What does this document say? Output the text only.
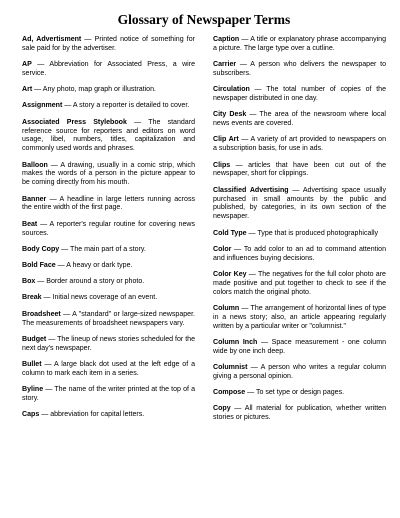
Glossary of Newspaper Terms

Ad, Advertisment — Printed notice of something for sale paid for by the advertiser.

AP — Abbreviation for Associated Press, a wire service.

Art — Any photo, map graph or illustration.

Assignment — A story a reporter is detailed to cover.

Associated Press Stylebook — The standard reference source for reporters and editors on word usage, libel, numbers, titles, capitalization and commonly used words and phrases.

Balloon — A drawing, usually in a comic strip, which makes the words of a person in the picture appear to be coming directly from his mouth.

Banner — A headline in large letters running across the entire width of the first page.

Beat — A reporter's regular routine for covering news sources.

Body Copy — The main part of a story.

Bold Face — A heavy or dark type.

Box — Border around a story or photo.

Break — Initial news coverage of an event.

Broadsheet — A "standard" or large-sized newspaper. The measurements of broadsheet newspapers vary.

Budget — The lineup of news stories scheduled for the next day's newspaper.

Bullet — A large black dot used at the left edge of a column to mark each item in a series.

Byline — The name of the writer printed at the top of a story.

Caps — abbreviation for capital letters.

Caption — A title or explanatory phrase accompanying a picture. The large type over a cutline.

Carrier — A person who delivers the newspaper to subscribers.

Circulation — The total number of copies of the newspaper distributed in one day.

City Desk — The area of the newsroom where local news events are covered.

Clip Art — A variety of art provided to newspapers on a subscription basis, for use in ads.

Clips — articles that have been cut out of the newspaper, short for clippings.

Classified Advertising — Advertising space usually purchased in small amounts by the public and published, by categories, in its own section of the newspaper.

Cold Type — Type that is produced photographically

Color — To add color to an ad to command attention and influences buying decisions.

Color Key — The negatives for the full color photo are made positive and put together to check to see if the colors match the original photo.

Column — The arrangement of horizontal lines of type in a news story; also, an article appearing regularly written by a particular writer or "columnist."

Column Inch — Space measurement - one column wide by one inch deep.

Columnist — A person who writes a regular column giving a personal opinion.

Compose — To set type or design pages.

Copy — All material for publication, whether written stories or pictures.
